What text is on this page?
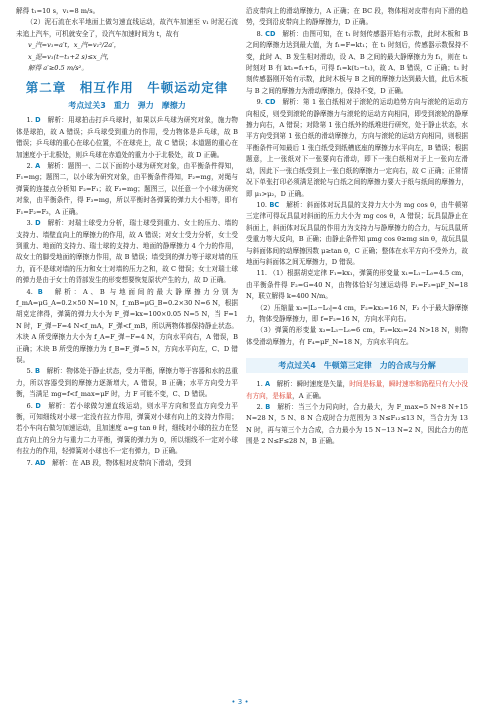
解得 t₁=10 s，v₁=8 m/s。

（2）泥石流在水平地面上做匀速直线运动，故汽车加速至 v₁ 时泥石流未追上汽车，可机就安全了，设汽车加速时间为 t，故有

v_汽=v₁=a′t，x_汽=v₁²/2a′，

x_泥=v₁(t−t₁+2 s)≤x_汽，

解得 a′≥0.5 m/s²。

第二章　相互作用　牛顿运动定律
考点过关3　重力　弹力　摩擦力

1. D　 解析：用球拍击打乒乓球时，如果以乒乓球为研究对象，施力物体是球拍，故 A 错误；乒乓球受到重力的作用，受力物体是乒乓球，故 B 错误；乒乓球的重心在球心位置，不在球壳上，故 C 错误；本道题的重心在加速度小于北极处，则乒乓球在赤道处的重力小于北极处，故 D 正确。

2. A　 解析：题图一、二以下面的小球为研究对象，由平衡条件得知，F₁=mg；题图二，以小球为研究对象，由平衡条件得知，F₂=mg，对绳与弹簧的连接点分析知 F₂=F₁；故 F₃=mg；题图三，以任意一个小球为研究对象，由平衡条件，得 F₃=mg，所以平衡时各弹簧的弹力大小相等，即有 F₁=F₂=F₃，A 正确。

3. D　 解析：对瑞士球受力分析，瑞士球受到重力、女士的压力、墙的支持力、墙壁直向上的摩擦力的作用，故 A 错误；对女士受力分析，女士受到重力、地面的支持力、瑞士球的支持力、地面的静摩擦力 4 个力的作用，故女士的脚受地面的摩擦力作用，故 B 错误；墙受到的弹力等于球对墙的压力，而不是球对墙的压力和女士对墙的压力之和，故 C 错误；女士对瑞士球的弹力是由于女士的背部发生的形变想要恢复原状产生的力，故 D 正确。

4. B　 解析：A、B 与地面间的最大静摩擦力分别为 f_mA=μG_A=0.2×50 N=10 N，f_mB=μG_B=0.2×30 N=6 N，根据胡克定律得，弹簧的弹力大小为 F_弹=kx=100×0.05 N=5 N，当 F=1 N 时，F_弹−F=4 N<f_mA，F_弹<f_mB，所以两物体都保持静止状态。木块 A 所受摩擦力大小为 f_A=F_弹−F=4 N，方向水平向右，A 错误，B 正确；木块 B 所受的摩擦力为 f_B=F_弹=5 N，方向水平向左，C、D 错误。

5. B　 解析：物体处于静止状态，受力平衡，摩擦力等于容器和水的总重力，所以容器受到的摩擦力逐渐增大，A 错误，B 正确；水平方向受力平衡，当满足 mg=f<f_max=μF 时，力 F 可能不变，C、D 错误。

6. D　 解析：若小球做匀速直线运动，则水平方向和竖直方向受力平衡，可知细线对小球一定没有拉力作用，弹簧对小球有向上的支持力作用；若小车向右做匀加速运动，且加速度 a=g tan θ 时，细线对小球的拉力在竖直方向上的分力与重力二力平衡，弹簧的弹力为 0，所以细线不一定对小球有拉力的作用，轻弹簧对小球也不一定有弹力，D 正确。

7. AD　 解析：在 AB 段，物体相对皮带向下滑动，受到

沿皮带向上的滑动摩擦力，A 正确；在 BC 段，物体相对皮带有向下滑的趋势，受到沿皮带向上的静摩擦力，D 正确。

8. CD　 解析：由图可知，在 t₁ 时刻传感器开始有示数，此时木板和 B 之间的摩擦力达到最大值，为 f₁=F=kt₁；在 t₁ 时刻后，传感器示数保持不变，此时 A、B 发生相对滑动，设 A、B 之间的最大静摩擦力为 f₁，则在 t₁ 时刻对 B 有 kt₁=f₁+f₂，可得 f₁=k(t₂−t₁)，故 A、B 错误，C 正确；t₁ 时刻传感器刚开始有示数，此时木板与 B 之间的摩擦力达到最大值，此后木板与 B 之间的摩擦力为滑动摩擦力，保持不变，D 正确。

9. CD　 解析：第 1 张白纸相对于滚轮的运动趋势方向与滚轮的运动方向相反，则受到滚轮的静摩擦力与滚轮的运动方向相同，即受到滚轮的静摩擦力向右，A 错误；对除第 1 张白纸外的纸堆进行研究，处于静止状态，水平方向受到第 1 张白纸的滑动摩擦力，方向与滚轮的运动方向相同，则根据平衡条件可知最后 1 张白纸受到纸槽底座的摩擦力水平向左，B 错误；根据题意，上一张纸对下一张要向右滑动，即下一张白纸相对于上一张向左滑动，因此下一张白纸受到上一张白纸的摩擦力一定向右，故 C 正确；正常情况下单张打印必须满足滚轮与白纸之间的摩擦力要大于纸与纸间的摩擦力，即 μ₁>μ₂，D 正确。

10. BC　 解析：斜面体对玩具鼠的支持力大小为 mg cos θ，由牛顿第三定律可得玩具鼠对斜面的压力大小为 mg cos θ，A 错误；玩具鼠静止在斜面上，斜面体对玩具鼠的作用力为支持力与静摩擦力的合力，与玩具鼠所受重力等大反向，B 正确；由静止条件知 μmg cos θ≥mg sin θ，故玩具鼠与斜面体间的动摩擦因数 μ≥tan θ，C 正确；整体在水平方向不受外力，故地面与斜面体之间无摩擦力，D 错误。

11. （1）根据胡克定律 F₁=kx₁，弹簧的形变量 x₁=L₁−L₀=4.5 cm，由平衡条件得 F₂=G=40 N，由物体恰好匀速运动得 F₁=F₂=μF_N=18 N，联立解得 k=400 N/m。

（2）压缩量 x₂=|L₂−L₀|=4 cm，F₂=kx₂=16 N，F₂ 小于最大静摩擦力，物体受静摩擦力，即 f=F₂=16 N，方向水平向右。

（3）弹簧的形变量 x₃=L₃−L₀=6 cm，F₃=kx₃=24 N>18 N，则物体受滑动摩擦力，有 F₄=μF_N=18 N，方向水平向左。

考点过关4　牛顿第三定律　力的合成与分解

1. A　 解析：瞬时速度是矢量，时间是标量，瞬时速率和路程只有大小没有方向，是标量，A 正确。

2. B　 解析：当三个力同向时，合力最大，为 F_max=5 N+8 N+15 N=28 N，5 N、8 N 合成时合力范围为 3 N≤F₁₂≤13 N，当合力为 13 N 时，再与第三个力合成，合力最小为 15 N−13 N=2 N，因此合力的范围是 2 N≤F≤28 N，B 正确。

• 3 •
